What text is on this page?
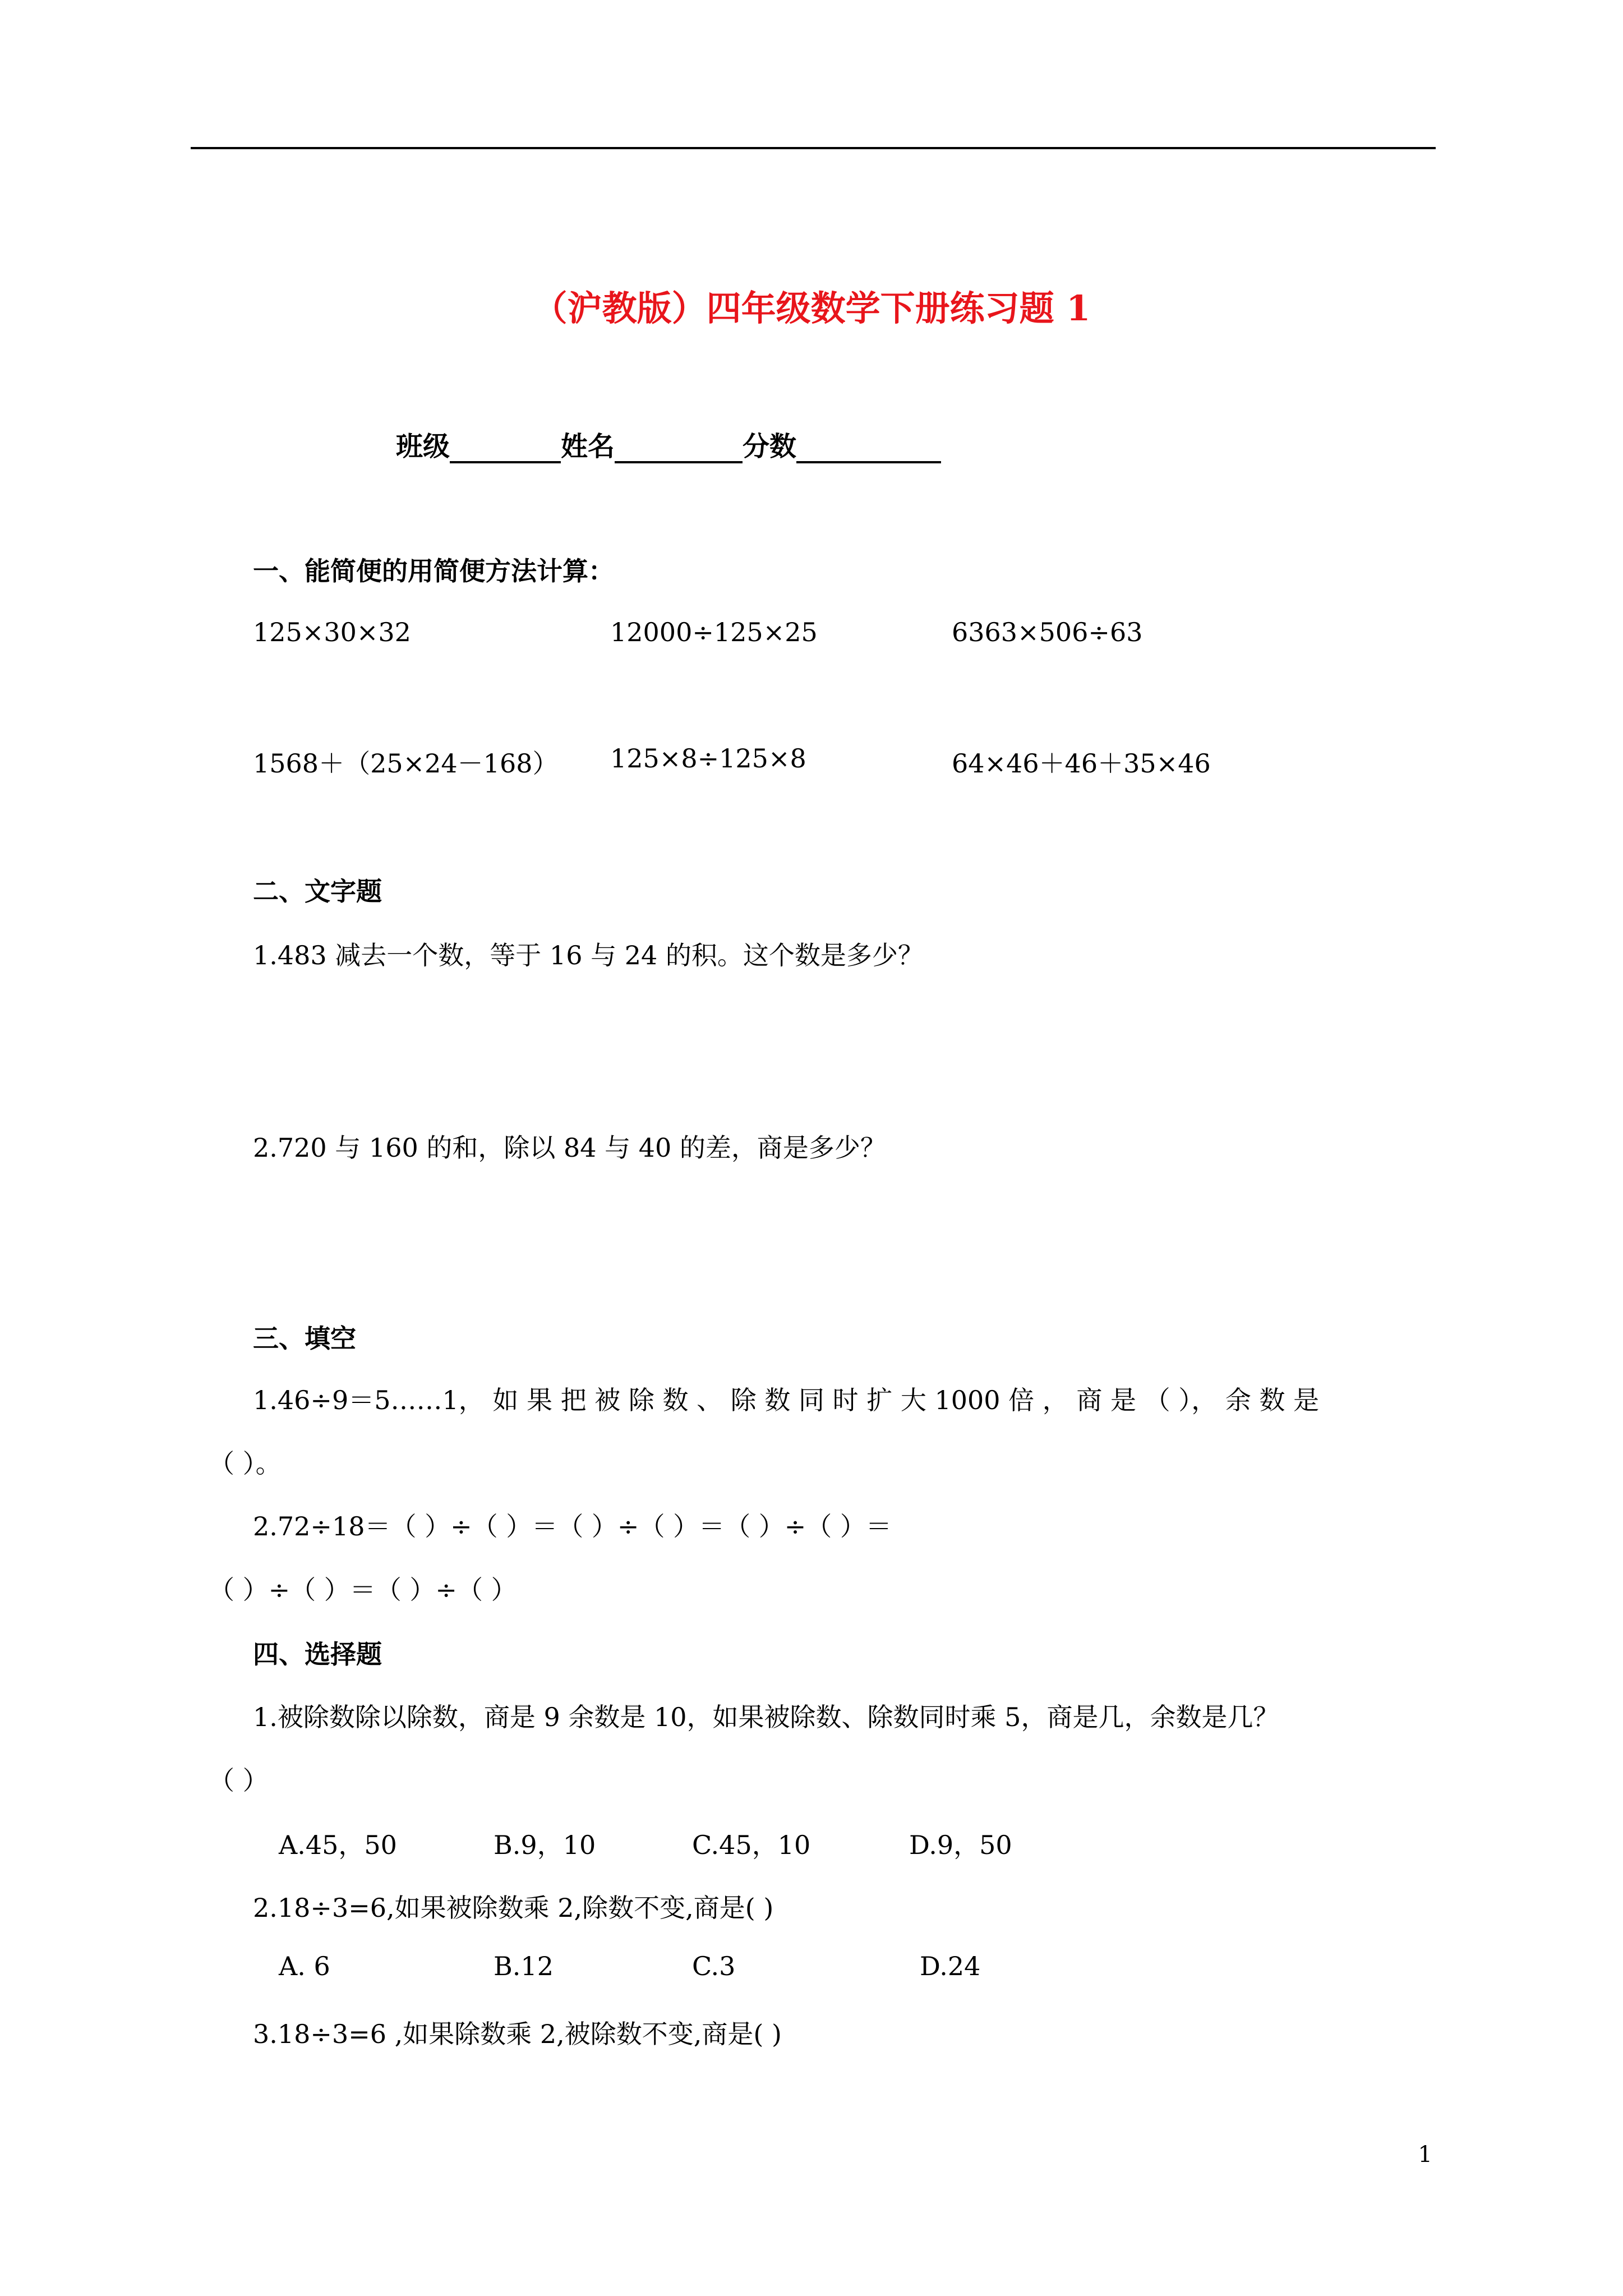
（沪教版）四年级数学下册练习题 1
班级	姓名	分数
一、能简便的用简便方法计算：
125×30×32	12000÷125×25	6363×506÷63
1568＋（25×24－168） 125×8÷125×8	64×46＋46＋35×46
二、文字题
1.483 减去一个数，等于 16 与 24 的积。这个数是多少？
2.720 与 160 的和，除以 84 与 40 的差，商是多少？
三、填空
1.46÷9＝5……1， 如 果 把 被 除 数 、 除 数 同 时 扩 大 1000 倍 ， 商 是 （ ）， 余 数 是
（ ）。
2.72÷18＝（ ）÷（ ）＝（ ）÷（ ）＝（ ）÷（ ）＝
（ ）÷（ ）＝（ ）÷（ ）
四、选择题
1.被除数除以除数，商是 9 余数是 10，如果被除数、除数同时乘 5，商是几，余数是几？
（ ）
A.45，50	B.9，10	C.45，10	D.9，50
2.18÷3=6,如果被除数乘 2,除数不变,商是( )
A. 6	B.12	C.3	D.24
3.18÷3=6 ,如果除数乘 2,被除数不变,商是( )
1
